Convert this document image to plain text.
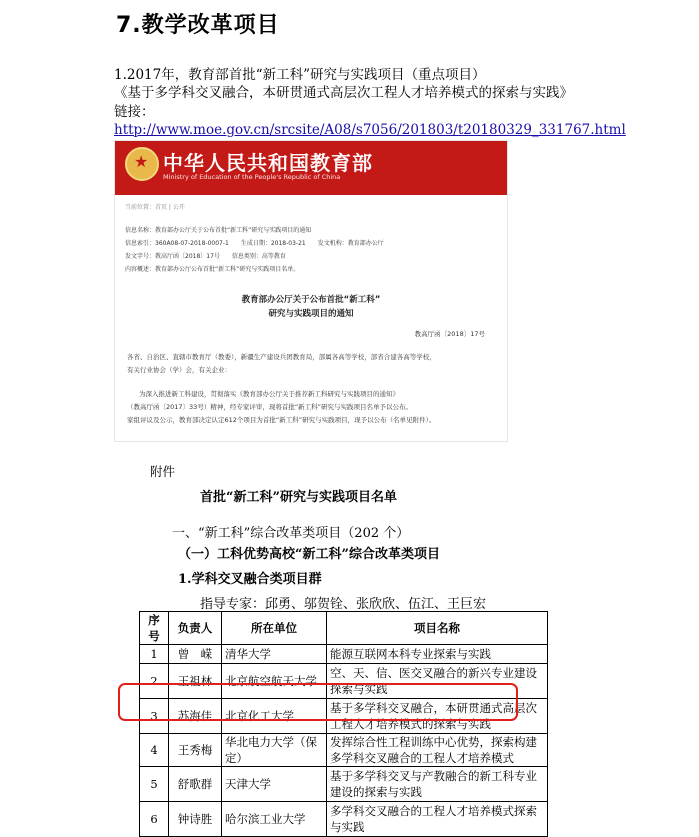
7.教学改革项目
1.2017年，教育部首批“新工科”研究与实践项目（重点项目）
《基于多学科交叉融合，本研贯通式高层次工程人才培养模式的探索与实践》
链接：
http://www.moe.gov.cn/srcsite/A08/s7056/201803/t20180329_331767.html
★
中华人民共和国教育部
Ministry of Education of the People's Republic of China
当前位置：首页 | 公开
信息名称：教育部办公厅关于公布首批“新工科”研究与实践项目的通知
信息索引：360A08-07-2018-0007-1　　生成日期：2018-03-21　　发文机构：教育部办公厅
发文字号：教高厅函〔2018〕17号　　信息类别：高等教育
内容概述：教育部办公厅公布首批“新工科”研究与实践项目名单。
教育部办公厅关于公布首批“新工科”
研究与实践项目的通知
教高厅函〔2018〕17号
各省、自治区、直辖市教育厅（教委），新疆生产建设兵团教育局，部属各高等学校，部省合建各高等学校，
有关行业协会（学）会，有关企业：
为深入推进新工科建设，贯彻落实《教育部办公厅关于推荐新工科研究与实践项目的通知》
（教高厅函〔2017〕33号）精神，经专家评审，现将首批“新工科”研究与实践项目名单予以公布。
家组评议及公示，教育部决定认定612个项目为首批“新工科”研究与实践项目，现予以公布（名单见附件）。
附件
首批“新工科”研究与实践项目名单
一、“新工科”综合改革类项目（202 个）
（一）工科优势高校“新工科”综合改革类项目
1.学科交叉融合类项目群
指导专家：邱勇、邬贺铨、张欣欣、伍江、王巨宏
序号	负责人	所在单位	项目名称
1	曾　嵘	清华大学	能源互联网本科专业探索与实践
2	王祖林	北京航空航天大学	空、天、信、医交叉融合的新兴专业建设探索与实践
3	苏海佳	北京化工大学	基于多学科交叉融合，本研贯通式高层次工程人才培养模式的探索与实践
4	王秀梅	华北电力大学（保定）	发挥综合性工程训练中心优势，探索构建多学科交叉融合的工程人才培养模式
5	舒歌群	天津大学	基于多学科交叉与产教融合的新工科专业建设的探索与实践
6	钟诗胜	哈尔滨工业大学	多学科交叉融合的工程人才培养模式探索与实践
